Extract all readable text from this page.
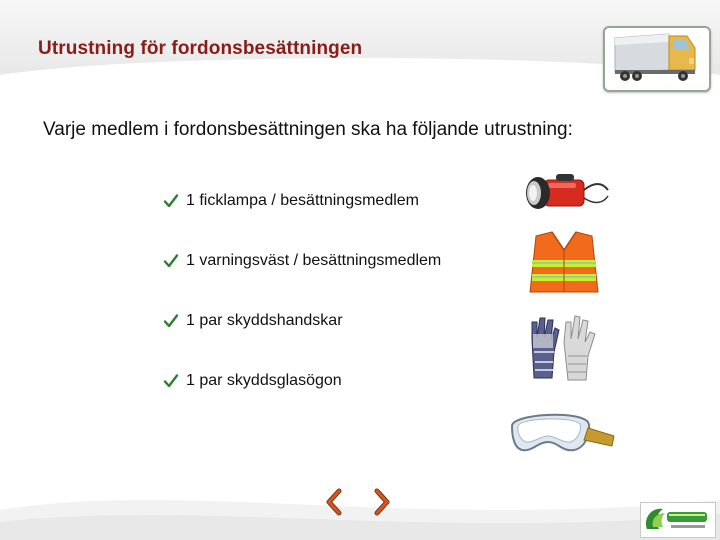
Utrustning för fordonsbesättningen
Varje medlem i fordonsbesättningen ska ha följande utrustning:
1 ficklampa / besättningsmedlem
1 varningsväst / besättningsmedlem
1 par skyddshandskar
1 par skyddsglasögon
